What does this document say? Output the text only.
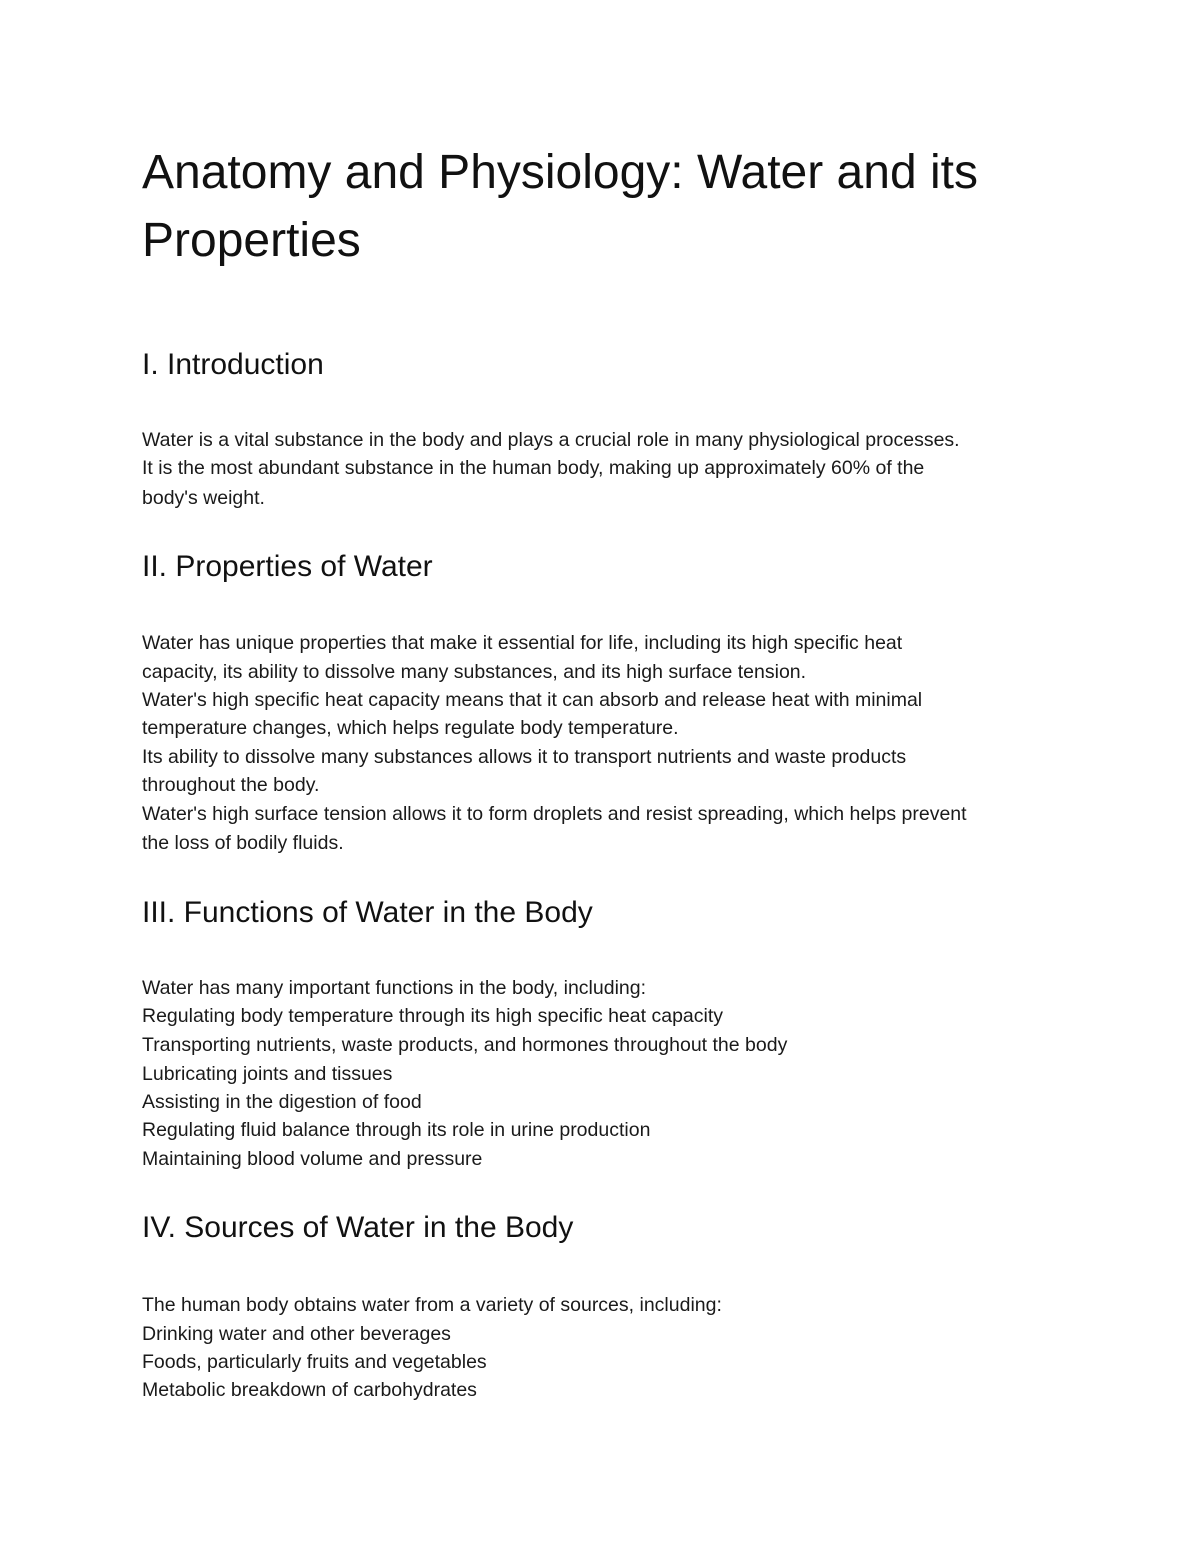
Anatomy and Physiology: Water and its
Properties
I. Introduction

Water is a vital substance in the body and plays a crucial role in many physiological processes.

It is the most abundant substance in the human body, making up approximately 60% of the

body's weight.

II. Properties of Water

Water has unique properties that make it essential for life, including its high specific heat

capacity, its ability to dissolve many substances, and its high surface tension.

Water's high specific heat capacity means that it can absorb and release heat with minimal

temperature changes, which helps regulate body temperature.

Its ability to dissolve many substances allows it to transport nutrients and waste products

throughout the body.

Water's high surface tension allows it to form droplets and resist spreading, which helps prevent

the loss of bodily fluids.

III. Functions of Water in the Body

Water has many important functions in the body, including:

Regulating body temperature through its high specific heat capacity

Transporting nutrients, waste products, and hormones throughout the body

Lubricating joints and tissues

Assisting in the digestion of food

Regulating fluid balance through its role in urine production

Maintaining blood volume and pressure

IV. Sources of Water in the Body

The human body obtains water from a variety of sources, including:

Drinking water and other beverages

Foods, particularly fruits and vegetables

Metabolic breakdown of carbohydrates
